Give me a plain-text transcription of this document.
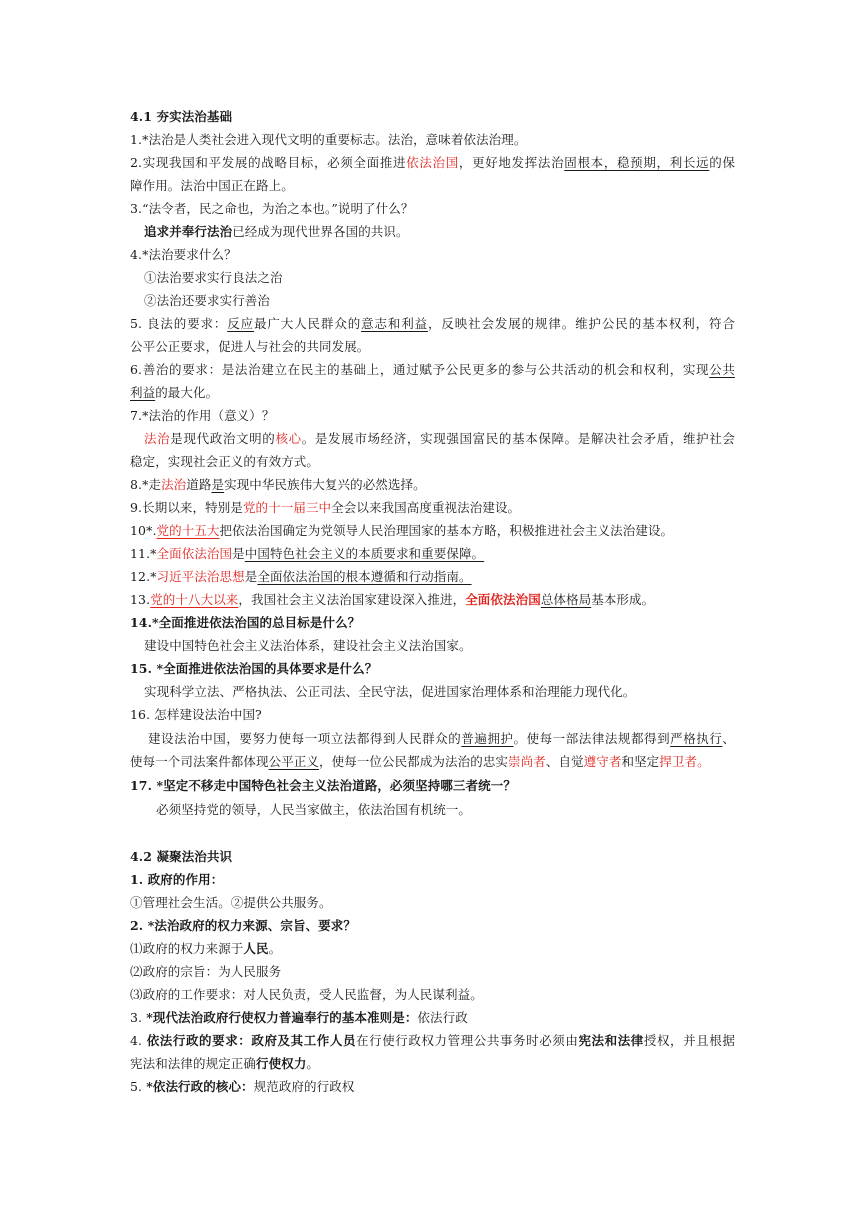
4.1 夯实法治基础
1.*法治是人类社会进入现代文明的重要标志。法治，意味着依法治理。
2.实现我国和平发展的战略目标，必须全面推进依法治国，更好地发挥法治固根本，稳预期，利长远的保
障作用。法治中国正在路上。
3.“法令者，民之命也，为治之本也。”说明了什么？
追求并奉行法治已经成为现代世界各国的共识。
4.*法治要求什么？
①法治要求实行良法之治
②法治还要求实行善治
5. 良法的要求：反应最广大人民群众的意志和利益，反映社会发展的规律。维护公民的基本权利，符合
公平公正要求，促进人与社会的共同发展。
6.善治的要求：是法治建立在民主的基础上，通过赋予公民更多的参与公共活动的机会和权利，实现公共
利益的最大化。
7.*法治的作用（意义）？
法治是现代政治文明的核心。是发展市场经济，实现强国富民的基本保障。是解决社会矛盾，维护社会
稳定，实现社会正义的有效方式。
8.*走法治道路是实现中华民族伟大复兴的必然选择。
9.长期以来，特别是党的十一届三中全会以来我国高度重视法治建设。
10*.党的十五大把依法治国确定为党领导人民治理国家的基本方略，积极推进社会主义法治建设。
11.*全面依法治国是中国特色社会主义的本质要求和重要保障。
12.*习近平法治思想是全面依法治国的根本遵循和行动指南。
13.党的十八大以来，我国社会主义法治国家建设深入推进，全面依法治国总体格局基本形成。
14.*全面推进依法治国的总目标是什么？
建设中国特色社会主义法治体系，建设社会主义法治国家。
15. *全面推进依法治国的具体要求是什么？
实现科学立法、严格执法、公正司法、全民守法，促进国家治理体系和治理能力现代化。
16. 怎样建设法治中国?
建设法治中国，要努力使每一项立法都得到人民群众的普遍拥护。使每一部法律法规都得到严格执行、
使每一个司法案件都体现公平正义，使每一位公民都成为法治的忠实崇尚者、自觉遵守者和坚定捍卫者。
17. *坚定不移走中国特色社会主义法治道路，必须坚持哪三者统一？
必须坚持党的领导，人民当家做主，依法治国有机统一。
4.2 凝聚法治共识
1. 政府的作用：
①管理社会生活。②提供公共服务。
2. *法治政府的权力来源、宗旨、要求？
⑴政府的权力来源于人民。
⑵政府的宗旨：为人民服务
⑶政府的工作要求：对人民负责，受人民监督，为人民谋利益。
3. *现代法治政府行使权力普遍奉行的基本准则是：依法行政
4. 依法行政的要求：政府及其工作人员在行使行政权力管理公共事务时必须由宪法和法律授权，并且根据
宪法和法律的规定正确行使权力。
5. *依法行政的核心：规范政府的行政权
